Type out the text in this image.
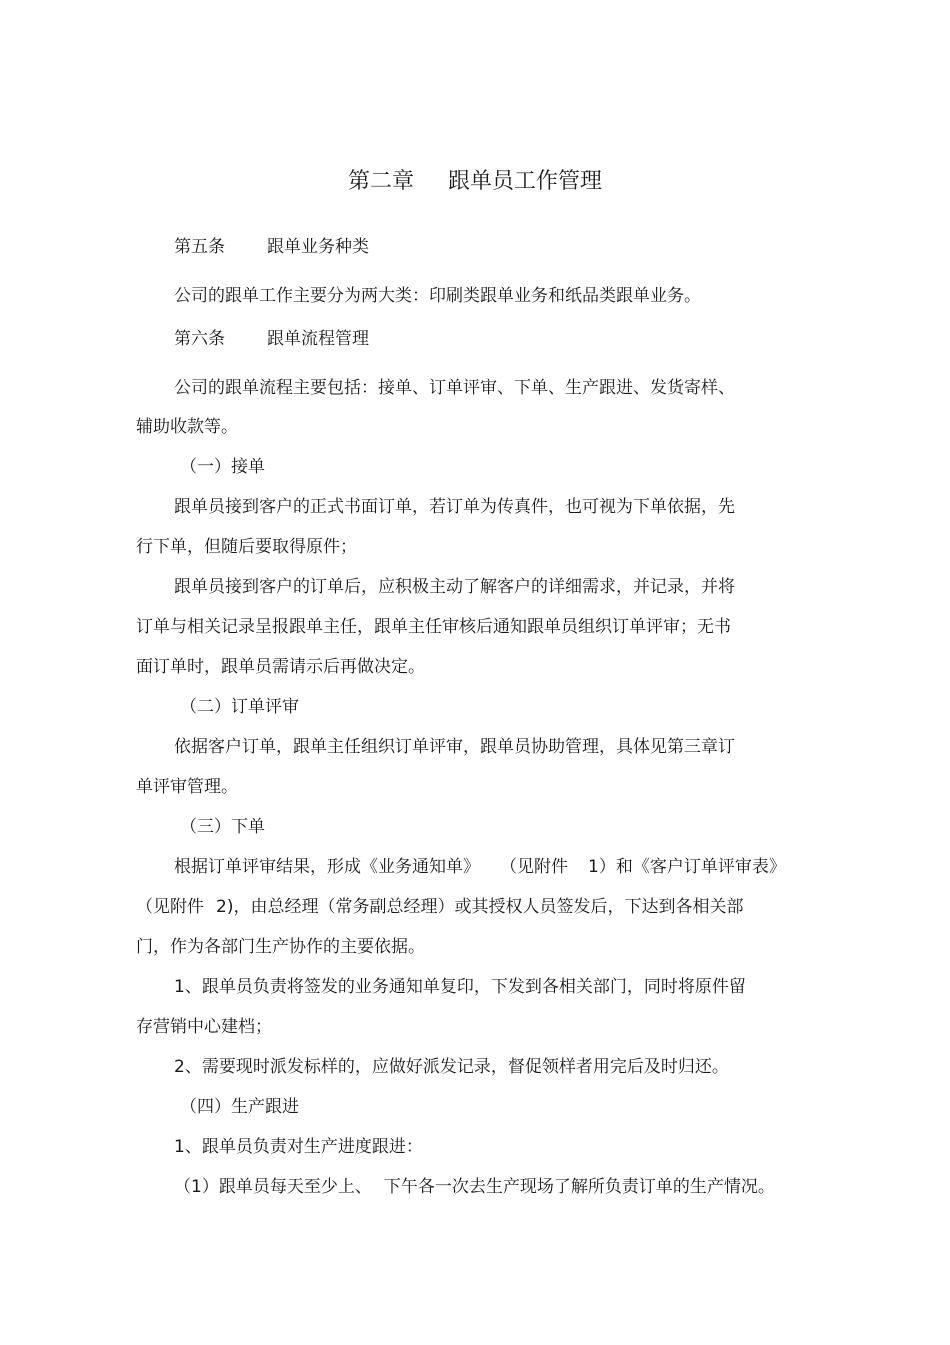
第二章 跟单员工作管理
第五条 跟单业务种类
公司的跟单工作主要分为两大类：印刷类跟单业务和纸品类跟单业务。
第六条 跟单流程管理
公司的跟单流程主要包括：接单、订单评审、下单、生产跟进、发货寄样、
辅助收款等。
（一）接单
跟单员接到客户的正式书面订单，若订单为传真件，也可视为下单依据，先
行下单，但随后要取得原件；
跟单员接到客户的订单后，应积极主动了解客户的详细需求，并记录，并将
订单与相关记录呈报跟单主任，跟单主任审核后通知跟单员组织订单评审；无书
面订单时，跟单员需请示后再做决定。
（二）订单评审
依据客户订单，跟单主任组织订单评审，跟单员协助管理，具体见第三章订
单评审管理。
（三）下单
根据订单评审结果，形成《业务通知单》 （见附件 1）和《客户订单评审表》
（见附件 2)，由总经理（常务副总经理）或其授权人员签发后，下达到各相关部
门，作为各部门生产协作的主要依据。
1、跟单员负责将签发的业务通知单复印，下发到各相关部门，同时将原件留
存营销中心建档；
2、需要现时派发标样的，应做好派发记录，督促领样者用完后及时归还。
（四）生产跟进
1、跟单员负责对生产进度跟进：
（1）跟单员每天至少上、 下午各一次去生产现场了解所负责订单的生产情况。
